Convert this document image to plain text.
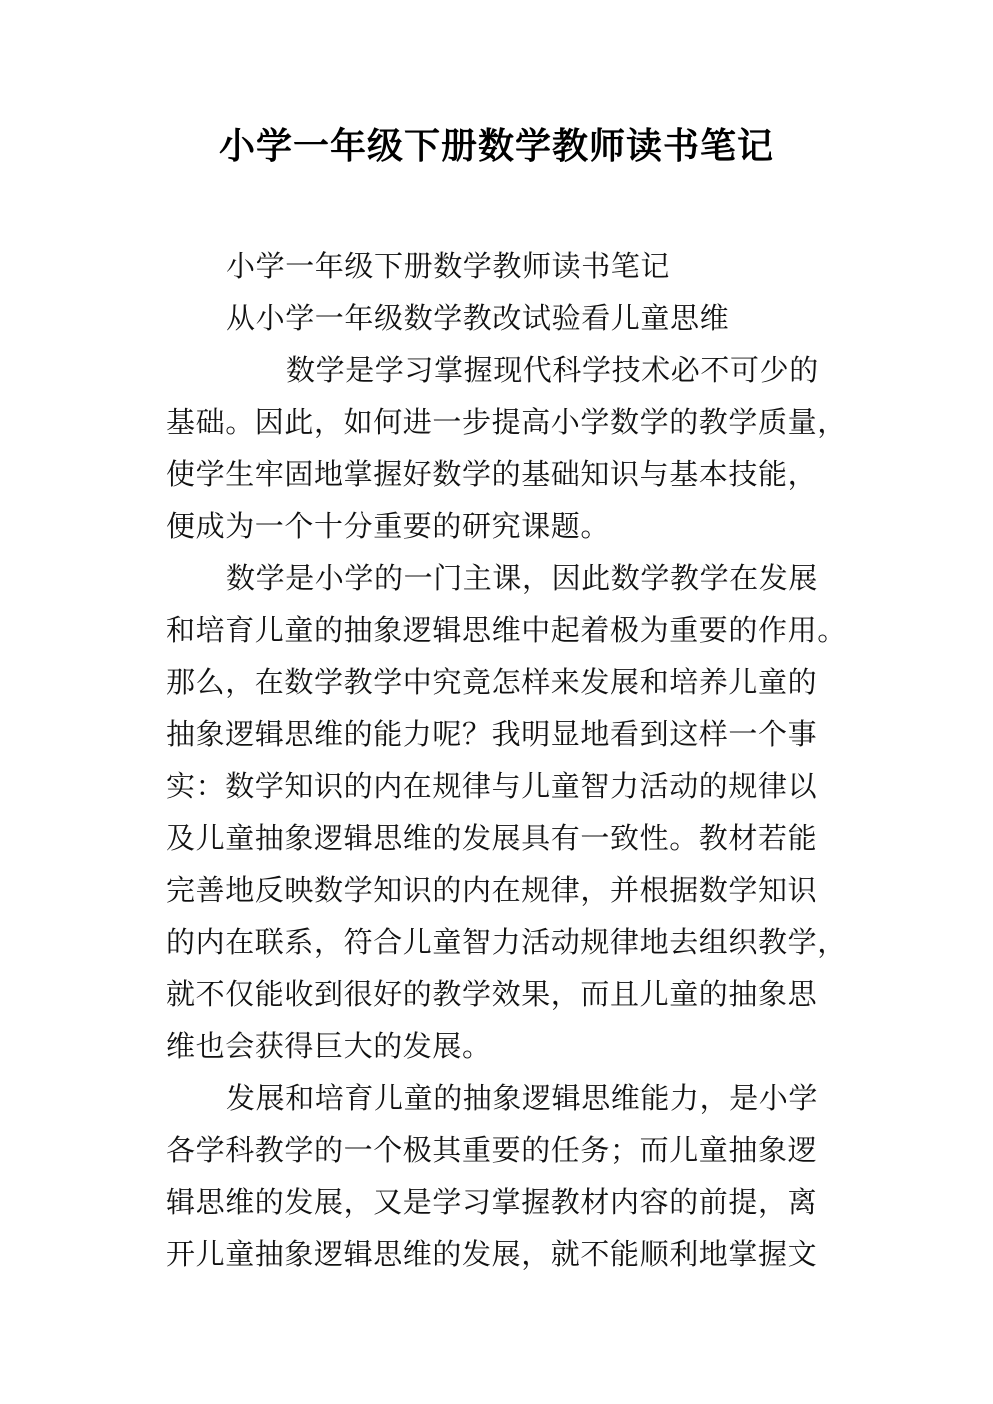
小学一年级下册数学教师读书笔记
小学一年级下册数学教师读书笔记
从小学一年级数学教改试验看儿童思维
数学是学习掌握现代科学技术必不可少的
基础。因此，如何进一步提高小学数学的教学质量，
使学生牢固地掌握好数学的基础知识与基本技能，
便成为一个十分重要的研究课题。
数学是小学的一门主课，因此数学教学在发展
和培育儿童的抽象逻辑思维中起着极为重要的作用。
那么，在数学教学中究竟怎样来发展和培养儿童的
抽象逻辑思维的能力呢？我明显地看到这样一个事
实：数学知识的内在规律与儿童智力活动的规律以
及儿童抽象逻辑思维的发展具有一致性。教材若能
完善地反映数学知识的内在规律，并根据数学知识
的内在联系，符合儿童智力活动规律地去组织教学，
就不仅能收到很好的教学效果，而且儿童的抽象思
维也会获得巨大的发展。
发展和培育儿童的抽象逻辑思维能力，是小学
各学科教学的一个极其重要的任务；而儿童抽象逻
辑思维的发展，又是学习掌握教材内容的前提，离
开儿童抽象逻辑思维的发展，就不能顺利地掌握文
